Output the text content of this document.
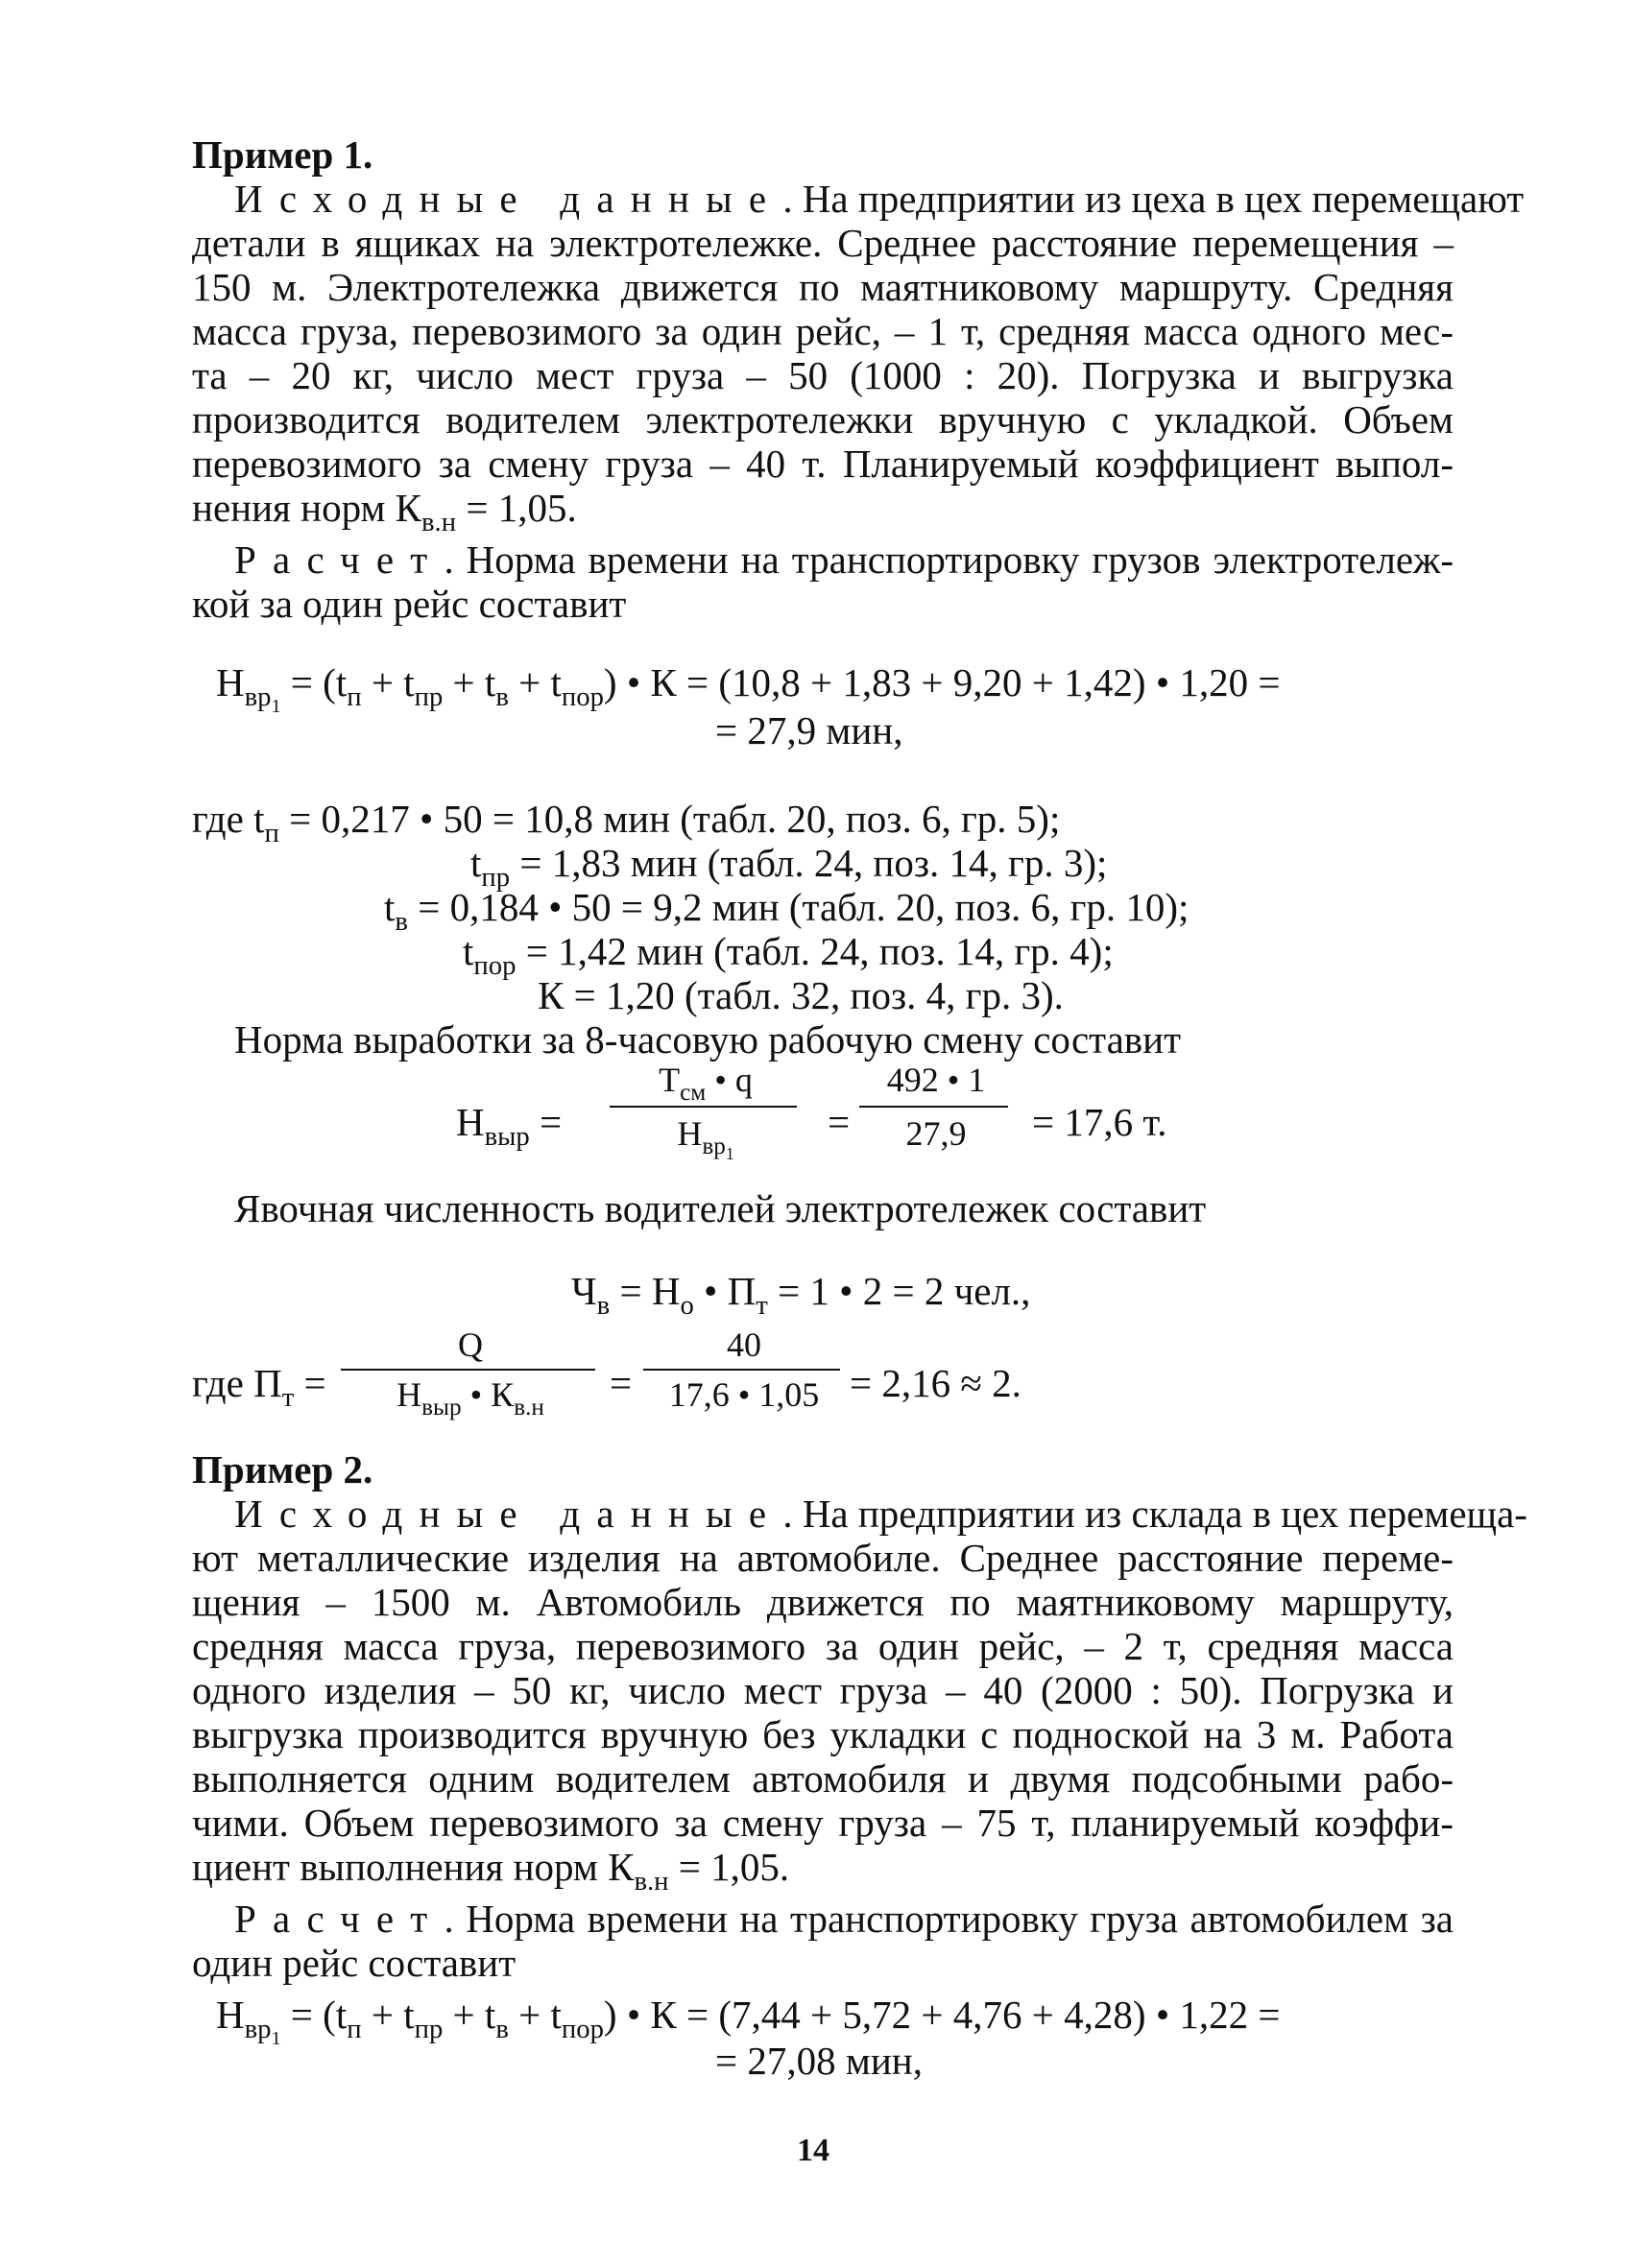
Пример 1.
Исходные данные. На предприятии из цеха в цех перемещают
детали в ящиках на электротележке. Среднее расстояние перемещения –
150 м. Электротележка движется по маятниковому маршруту. Средняя
масса груза, перевозимого за один рейс, – 1 т, средняя масса одного мес-
та – 20 кг, число мест груза – 50 (1000 : 20). Погрузка и выгрузка
производится водителем электротележки вручную с укладкой. Объем
перевозимого за смену груза – 40 т. Планируемый коэффициент выпол-
нения норм $К_{в.н} = 1,05$.
Расчет. Норма времени на транспортировку грузов электротележ-
кой за один рейс составит
$Н_{вр_1} = (t_п + t_{пр} + t_в + t_{пор})$ • К = (10,8 + 1,83 + 9,20 + 1,42) • 1,20 =
= 27,9 мин,
где $t_п = 0,217$ • 50 = 10,8 мин (табл. 20, поз. 6, гр. 5);
$t_{пр} = 1,83$ мин (табл. 24, поз. 14, гр. 3);
$t_в = 0,184$ • 50 = 9,2 мин (табл. 20, поз. 6, гр. 10);
$t_{пор} = 1,42$ мин (табл. 24, поз. 14, гр. 4);
К = 1,20 (табл. 32, поз. 4, гр. 3).
Норма выработки за 8-часовую рабочую смену составит
$Н_{выр}$ =
$Т_{см}$ • q
$Н_{вр_1}$
=
492 • 1
27,9	= 17,6 т.
Явочная численность водителей электротележек составит
$Ч_в = Н_о$ • $П_т = 1$ • 2 = 2 чел.,
где $П_т$ =
Q
$Н_{выр}$ • $К_{в.н}$
=
40
17,6 • 1,05 = 2,16 ≈ 2.
Пример 2.
Исходные данные. На предприятии из склада в цех перемеща-
ют металлические изделия на автомобиле. Среднее расстояние переме-
щения – 1500 м. Автомобиль движется по маятниковому маршруту,
средняя масса груза, перевозимого за один рейс, – 2 т, средняя масса
одного изделия – 50 кг, число мест груза – 40 (2000 : 50). Погрузка и
выгрузка производится вручную без укладки с подноской на 3 м. Работа
выполняется одним водителем автомобиля и двумя подсобными рабо-
чими. Объем перевозимого за смену груза – 75 т, планируемый коэффи-
циент выполнения норм $К_{в.н} = 1,05$.
Расчет. Норма времени на транспортировку груза автомобилем за
один рейс составит
$Н_{вр_1} = (t_п + t_{пр} + t_в + t_{пор})$ • К = (7,44 + 5,72 + 4,76 + 4,28) • 1,22 =
= 27,08 мин,
14
